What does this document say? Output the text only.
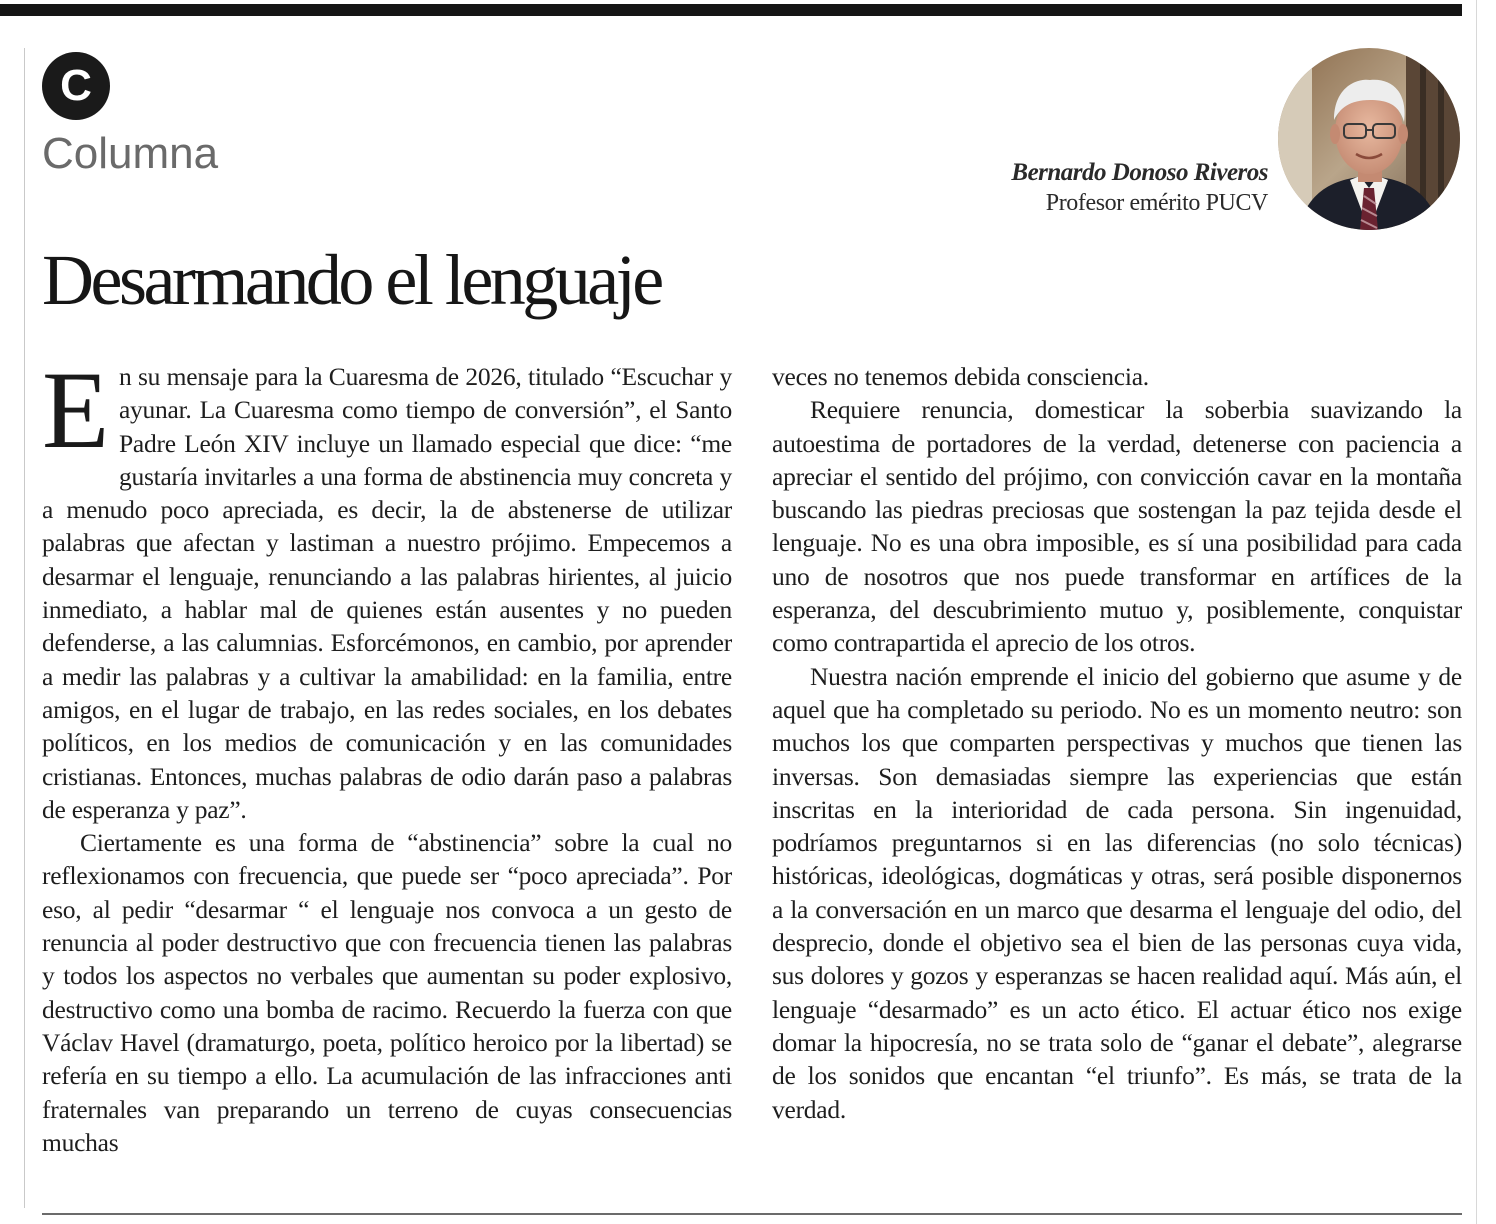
C
Columna	Bernardo Donoso Riveros
Profesor emérito PUCV
Desarmando el lenguaje

En su mensaje para la Cuaresma de 2026, titulado “Escuchar y ayunar. La Cuaresma como tiempo de conversión”, el Santo Padre León XIV incluye un llamado especial que dice: “me gustaría invitarles a una forma de abstinencia muy concreta y a menudo poco apreciada, es decir, la de abstenerse de utilizar palabras que afectan y lastiman a nuestro prójimo. Empecemos a desarmar el lenguaje, renunciando a las palabras hirientes, al juicio inmediato, a hablar mal de quienes están ausentes y no pueden defenderse, a las calumnias. Esforcémonos, en cambio, por aprender a medir las palabras y a cultivar la amabilidad: en la familia, entre amigos, en el lugar de trabajo, en las redes sociales, en los debates políticos, en los medios de comunicación y en las comunidades cristianas. Entonces, muchas palabras de odio darán paso a palabras de esperanza y paz”.

Ciertamente es una forma de “abstinencia” sobre la cual no reflexionamos con frecuencia, que puede ser “poco apreciada”. Por eso, al pedir “desarmar “ el lenguaje nos convoca a un gesto de renuncia al poder destructivo que con frecuencia tienen las palabras y todos los aspectos no verbales que aumentan su poder explosivo, destructivo como una bomba de racimo. Recuerdo la fuerza con que Václav Havel (dramaturgo, poeta, político heroico por la libertad) se refería en su tiempo a ello. La acumulación de las infracciones anti fraternales van preparando un terreno de cuyas consecuencias muchas

veces no tenemos debida consciencia.

Requiere renuncia, domesticar la soberbia suavizando la autoestima de portadores de la verdad, detenerse con paciencia a apreciar el sentido del prójimo, con convicción cavar en la montaña buscando las piedras preciosas que sostengan la paz tejida desde el lenguaje. No es una obra imposible, es sí una posibilidad para cada uno de nosotros que nos puede transformar en artífices de la esperanza, del descubrimiento mutuo y, posiblemente, conquistar como contrapartida el aprecio de los otros.

Nuestra nación emprende el inicio del gobierno que asume y de aquel que ha completado su periodo. No es un momento neutro: son muchos los que comparten perspectivas y muchos que tienen las inversas. Son demasiadas siempre las experiencias que están inscritas en la interioridad de cada persona. Sin ingenuidad, podríamos preguntarnos si en las diferencias (no solo técnicas) históricas, ideológicas, dogmáticas y otras, será posible disponernos a la conversación en un marco que desarma el lenguaje del odio, del desprecio, donde el objetivo sea el bien de las personas cuya vida, sus dolores y gozos y esperanzas se hacen realidad aquí. Más aún, el lenguaje “desarmado” es un acto ético. El actuar ético nos exige domar la hipocresía, no se trata solo de “ganar el debate”, alegrarse de los sonidos que encantan “el triunfo”. Es más, se trata de la verdad.
